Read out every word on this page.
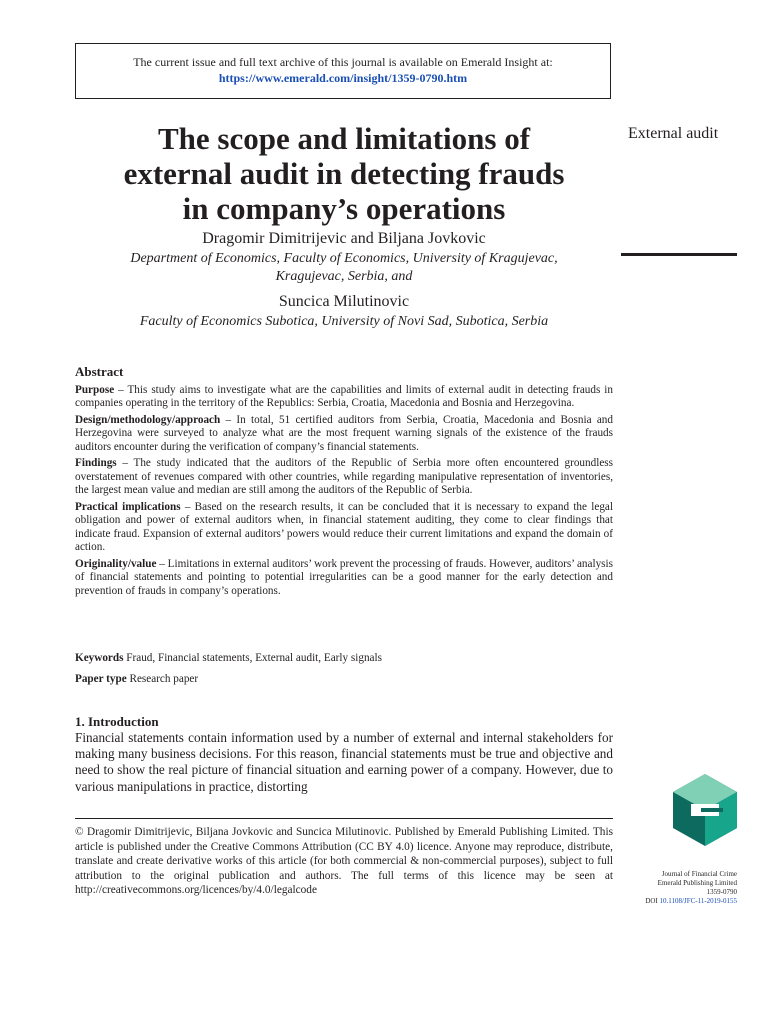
The current issue and full text archive of this journal is available on Emerald Insight at:
https://www.emerald.com/insight/1359-0790.htm
The scope and limitations of
external audit in detecting frauds
in company’s operations
External audit
Dragomir Dimitrijevic and Biljana Jovkovic
Department of Economics, Faculty of Economics, University of Kragujevac,
Kragujevac, Serbia, and
Suncica Milutinovic
Faculty of Economics Subotica, University of Novi Sad, Subotica, Serbia
Abstract

Purpose – This study aims to investigate what are the capabilities and limits of external audit in detecting frauds in companies operating in the territory of the Republics: Serbia, Croatia, Macedonia and Bosnia and Herzegovina.

Design/methodology/approach – In total, 51 certified auditors from Serbia, Croatia, Macedonia and Bosnia and Herzegovina were surveyed to analyze what are the most frequent warning signals of the existence of the frauds auditors encounter during the verification of company’s financial statements.

Findings – The study indicated that the auditors of the Republic of Serbia more often encountered groundless overstatement of revenues compared with other countries, while regarding manipulative representation of inventories, the largest mean value and median are still among the auditors of the Republic of Serbia.

Practical implications – Based on the research results, it can be concluded that it is necessary to expand the legal obligation and power of external auditors when, in financial statement auditing, they come to clear findings that indicate fraud. Expansion of external auditors’ powers would reduce their current limitations and expand the domain of action.

Originality/value – Limitations in external auditors’ work prevent the processing of frauds. However, auditors’ analysis of financial statements and pointing to potential irregularities can be a good manner for the early detection and prevention of frauds in company’s operations.

Keywords Fraud, Financial statements, External audit, Early signals
Paper type Research paper
1. Introduction

Financial statements contain information used by a number of external and internal stakeholders for making many business decisions. For this reason, financial statements must be true and objective and need to show the real picture of financial situation and earning power of a company. However, due to various manipulations in practice, distorting

© Dragomir Dimitrijevic, Biljana Jovkovic and Suncica Milutinovic. Published by Emerald Publishing Limited. This article is published under the Creative Commons Attribution (CC BY 4.0) licence. Anyone may reproduce, distribute, translate and create derivative works of this article (for both commercial & non-commercial purposes), subject to full attribution to the original publication and authors. The full terms of this licence may be seen at http://creativecommons.org/licences/by/4.0/legalcode

Journal of Financial Crime
Emerald Publishing Limited
1359-0790
DOI 10.1108/JFC-11-2019-0155
